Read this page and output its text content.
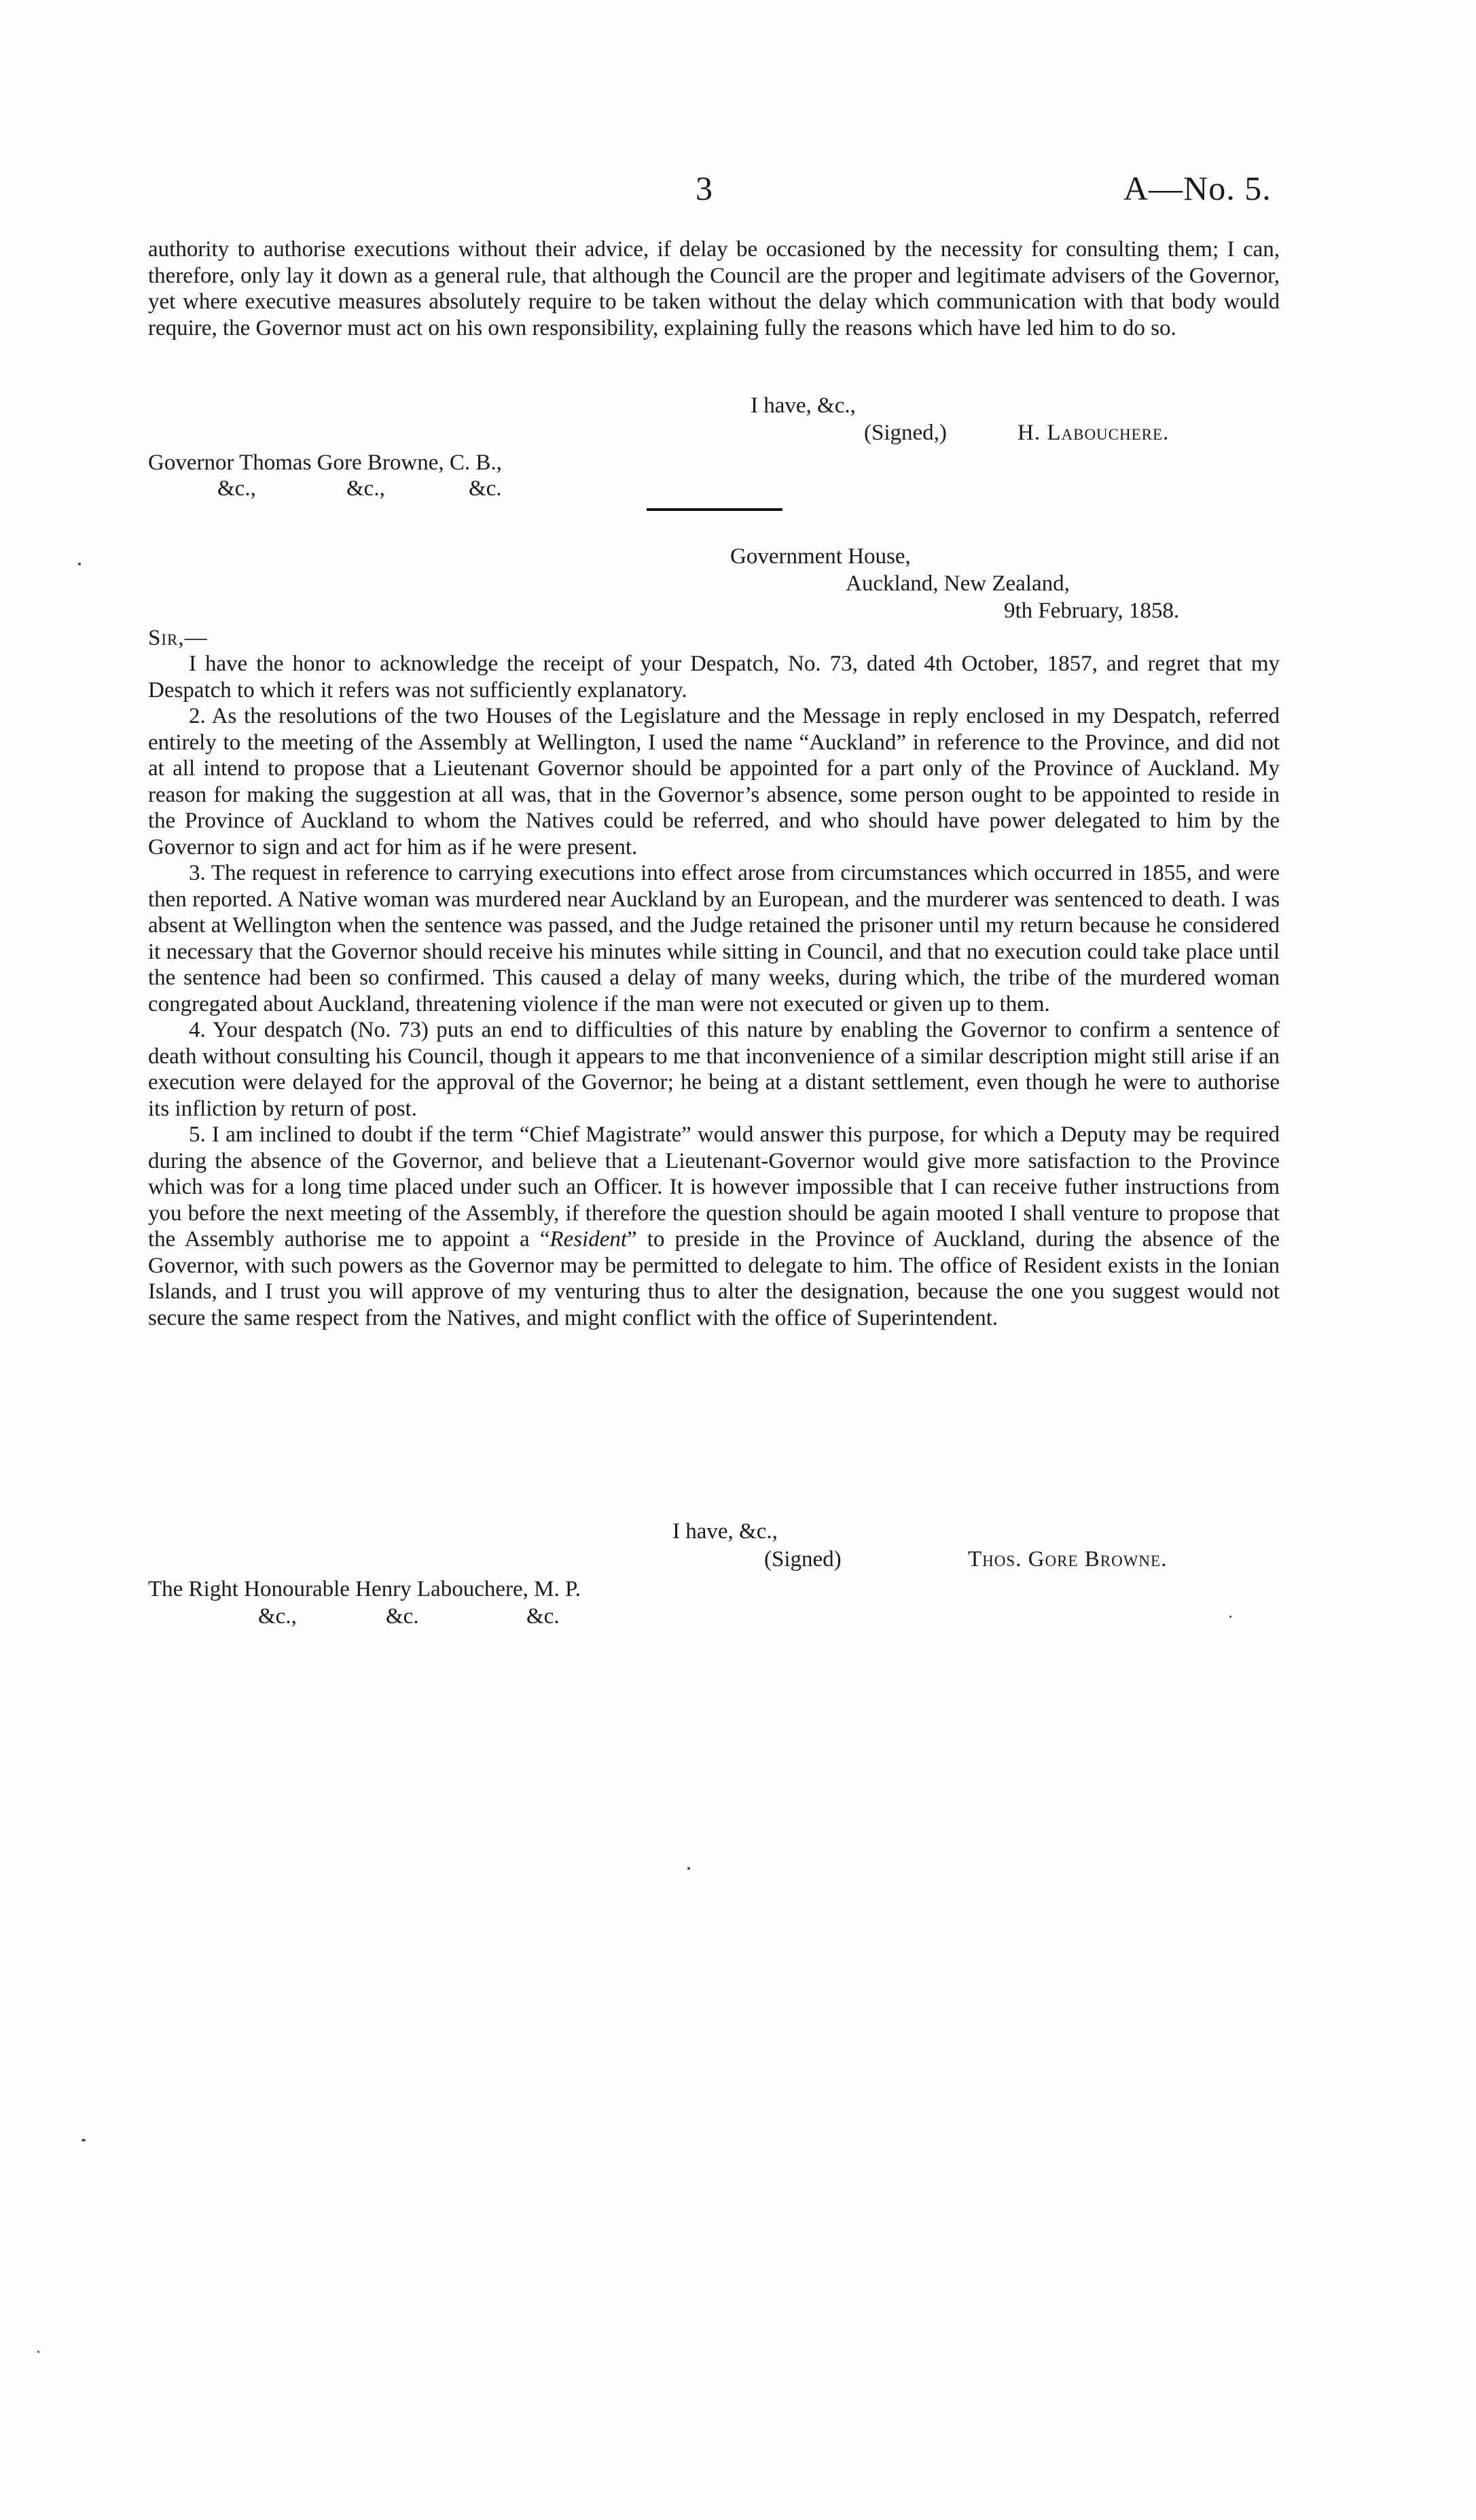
3	A—No. 5.

authority to authorise executions without their advice, if delay be occasioned by the necessity for consulting them; I can, therefore, only lay it down as a general rule, that although the Council are the proper and legitimate advisers of the Governor, yet where executive measures absolutely require to be taken without the delay which communication with that body would require, the Governor must act on his own responsibility, explaining fully the reasons which have led him to do so.

I have, &c.,
(Signed,)	H. Labouchere.
Governor Thomas Gore Browne, C. B.,
&c.,	&c.,	&c.
Government House,
Auckland, New Zealand,
9th February, 1858.
Sir,—

I have the honor to acknowledge the receipt of your Despatch, No. 73, dated 4th October, 1857, and regret that my Despatch to which it refers was not sufficiently explanatory.

2. As the resolutions of the two Houses of the Legislature and the Message in reply enclosed in my Despatch, referred entirely to the meeting of the Assembly at Wellington, I used the name “Auckland” in reference to the Province, and did not at all intend to propose that a Lieutenant Governor should be appointed for a part only of the Province of Auckland. My reason for making the suggestion at all was, that in the Governor’s absence, some person ought to be appointed to reside in the Province of Auckland to whom the Natives could be referred, and who should have power delegated to him by the Governor to sign and act for him as if he were present.

3. The request in reference to carrying executions into effect arose from circumstances which occurred in 1855, and were then reported. A Native woman was murdered near Auckland by an European, and the murderer was sentenced to death. I was absent at Wellington when the sentence was passed, and the Judge retained the prisoner until my return because he considered it necessary that the Governor should receive his minutes while sitting in Council, and that no execution could take place until the sentence had been so confirmed. This caused a delay of many weeks, during which, the tribe of the murdered woman congregated about Auckland, threatening violence if the man were not executed or given up to them.

4. Your despatch (No. 73) puts an end to difficulties of this nature by enabling the Governor to confirm a sentence of death without consulting his Council, though it appears to me that inconvenience of a similar description might still arise if an execution were delayed for the approval of the Governor; he being at a distant settlement, even though he were to authorise its infliction by return of post.

5. I am inclined to doubt if the term “Chief Magistrate” would answer this purpose, for which a Deputy may be required during the absence of the Governor, and believe that a Lieutenant-Governor would give more satisfaction to the Province which was for a long time placed under such an Officer. It is however impossible that I can receive futher instructions from you before the next meeting of the Assembly, if therefore the question should be again mooted I shall venture to propose that the Assembly authorise me to appoint a “Resident” to preside in the Province of Auckland, during the absence of the Governor, with such powers as the Governor may be permitted to delegate to him. The office of Resident exists in the Ionian Islands, and I trust you will approve of my venturing thus to alter the designation, because the one you suggest would not secure the same respect from the Natives, and might conflict with the office of Superintendent.

I have, &c.,
(Signed)	Thos. Gore Browne.
The Right Honourable Henry Labouchere, M. P.
&c.,	&c.	&c.
